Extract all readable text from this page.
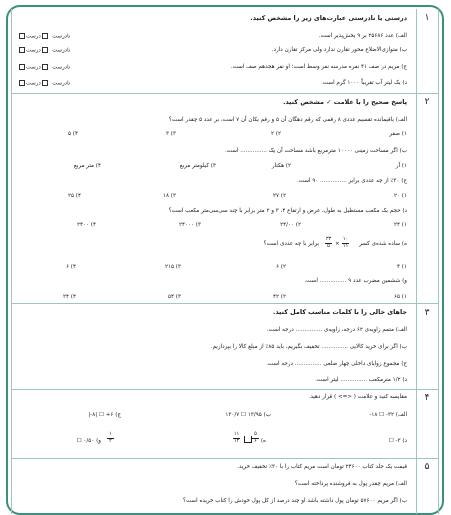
۱
۲
۳
۴
۵
درستی یا نادرستی عبارت‌های زیر را مشخص کنید.
الف) عدد ۲۵۶۸۶ بر ۹ بخش‌پذیر است.
نادرست  درست
ب) متوازی‌الاضلاع محور تقارن ندارد ولی مرکز تقارن دارد.
نادرست  درست
ج) مریم در صف ۴۱ نفره مدرسه نفر وسط است؛ او نفر هجدهم صف است.
نادرست  درست
د) یک لیتر آب تقریباً ۱۰۰۰ گرم است.
نادرست  درست
پاسخ صحیح را با علامت ✓ مشخص کنید.
الف) باقیمانده تقسیم عددی ۸ رقمی که رقم دهگان آن ۵ و رقم یکان آن ۷ است، بر عدد ۵ چقدر است؟
۱) صفر
۲) ۲
۳) ۳
۴) ۵
ب) اگر مساحت زمینی ۱۰۰۰۰ مترمربع باشد مساحت آن یک ............... است.
۱) آر
۲) هکتار
۳) کیلومتر مربع
۴) متر مربع
ج) ۳۰٪ از چه عددی برابر ............... ۹۰ است.
۱) ۲۰
۲) ۲۷
۳) ۱۸
۴) ۲۵
د) حجم یک مکعب مستطیل به طول، عرض و ارتفاع ۴، ۳ و ۲ متر برابر با چند سی‌سی‌متر مکعب است؟
۱) ۲۴
۲) ۲۴/۰۰
۳) ۲۴۰۰۰
۴) ۲۴۰۰
ه) ساده شده‌ی کسر
۱۰
۱۱
×
۳۳
۵
برابر با چه عددی است؟
۱) ۴
۲) ۶
۳) ۲۱۵
۴) ۶
و) ششمین مضرب عدد ۹ ............... است.
۱) ۶۵
۲) ۴۲
۳) ۵۴
۴) ۲۴
جاهای خالی را با کلمات مناسب کامل کنید.
الف) متمم زاویه‌ی ۶۲ درجه، زاویه‌ی ............... درجه است.
ب) اگر برای خرید کالایی ............... تخفیف بگیریم، باید ۸۵٪ از مبلغ کالا را بپردازیم.
ج) مجموع زوایای داخلی چهار ضلعی ............... درجه است.
د) ۱/۲ مترمکعب ............... لیتر است.
مقایسه کنید و علامت ( <=> ) قرار دهید.
الف) ۳۲- ☐ ۱۸-
ب) ۱۳/۹۵ ☐ ۱۳۰/۷
ج) ۶+ ☐ |۸-|
د) ۳- ☐
ه)
۵
۶
۱۱
۱۲
و) ۰/۵۰ ☐
۱
۲
قیمت یک جلد کتاب ۲۴۶۰۰ تومان است مریم کتاب را با ۳۰٪ تخفیف خرید.
الف) مریم چقدر پول به فروشنده پرداخته است؟
ب) اگر مریم ۵۷۶۰۰ تومان پول داشته باشد او چند درصد از کل پول خودش را کتاب خریده است؟
